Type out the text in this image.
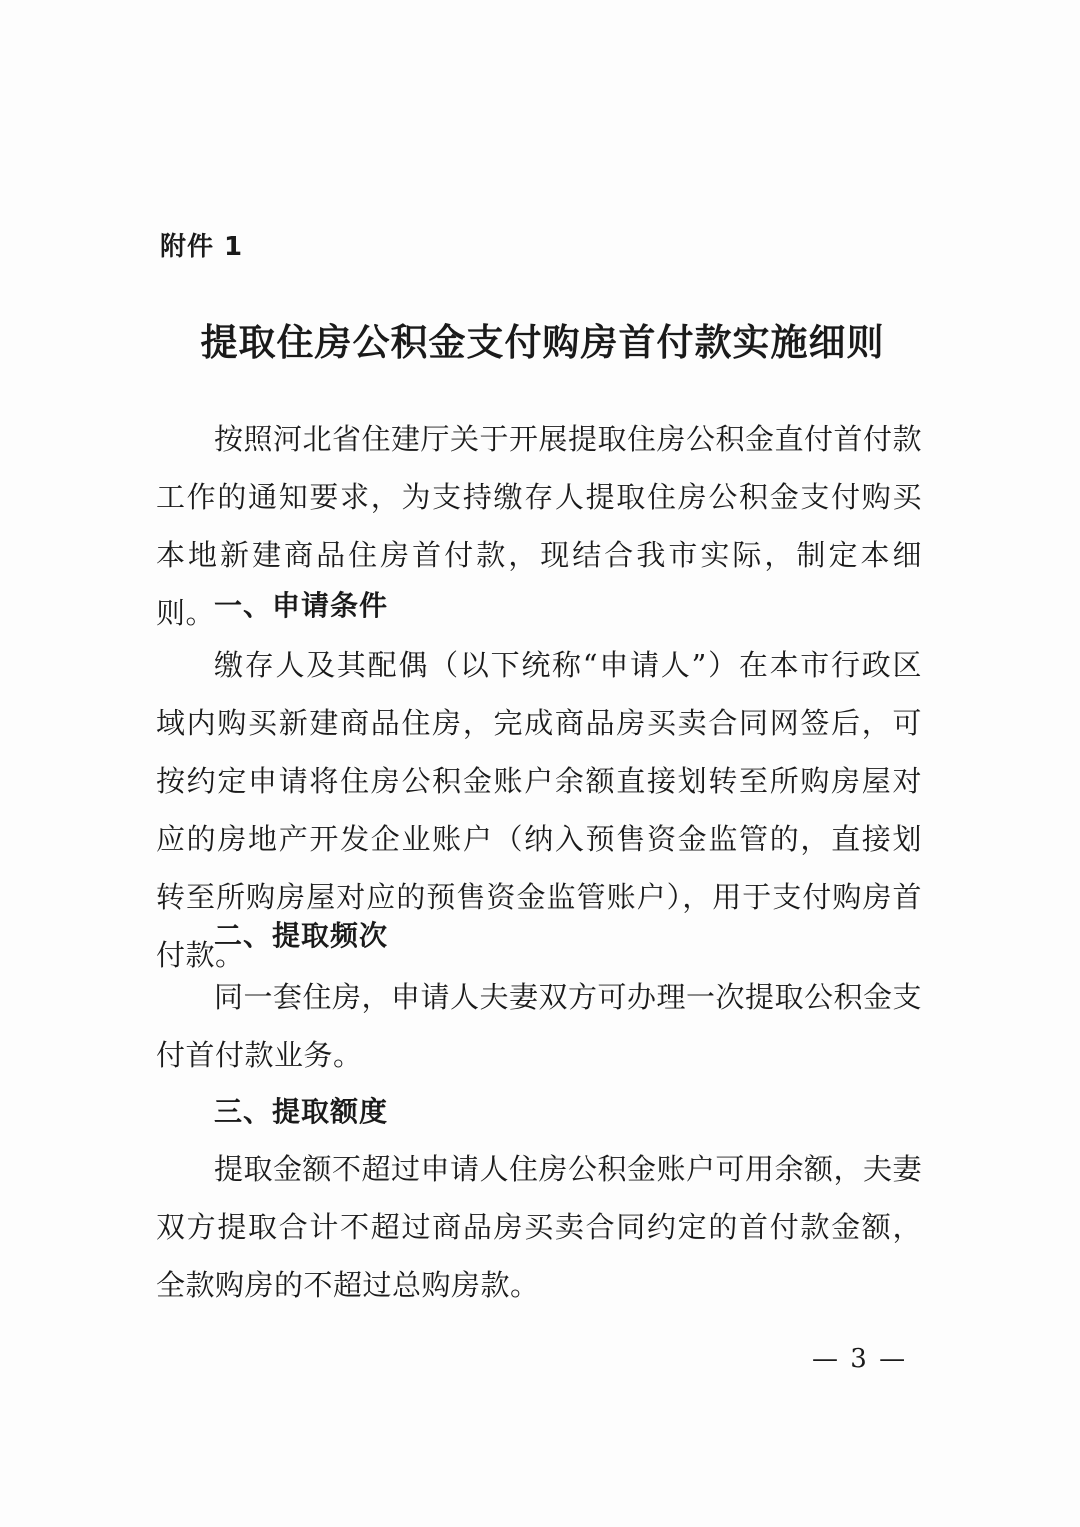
附件 1
提取住房公积金支付购房首付款实施细则

按照河北省住建厅关于开展提取住房公积金直付首付款工作的通知要求，为支持缴存人提取住房公积金支付购买本地新建商品住房首付款，现结合我市实际，制定本细则。

一、申请条件

缴存人及其配偶（以下统称“申请人”）在本市行政区域内购买新建商品住房，完成商品房买卖合同网签后，可按约定申请将住房公积金账户余额直接划转至所购房屋对应的房地产开发企业账户（纳入预售资金监管的，直接划转至所购房屋对应的预售资金监管账户），用于支付购房首付款。

二、提取频次

同一套住房，申请人夫妻双方可办理一次提取公积金支付首付款业务。

三、提取额度

提取金额不超过申请人住房公积金账户可用余额，夫妻双方提取合计不超过商品房买卖合同约定的首付款金额，全款购房的不超过总购房款。

— 3 —
